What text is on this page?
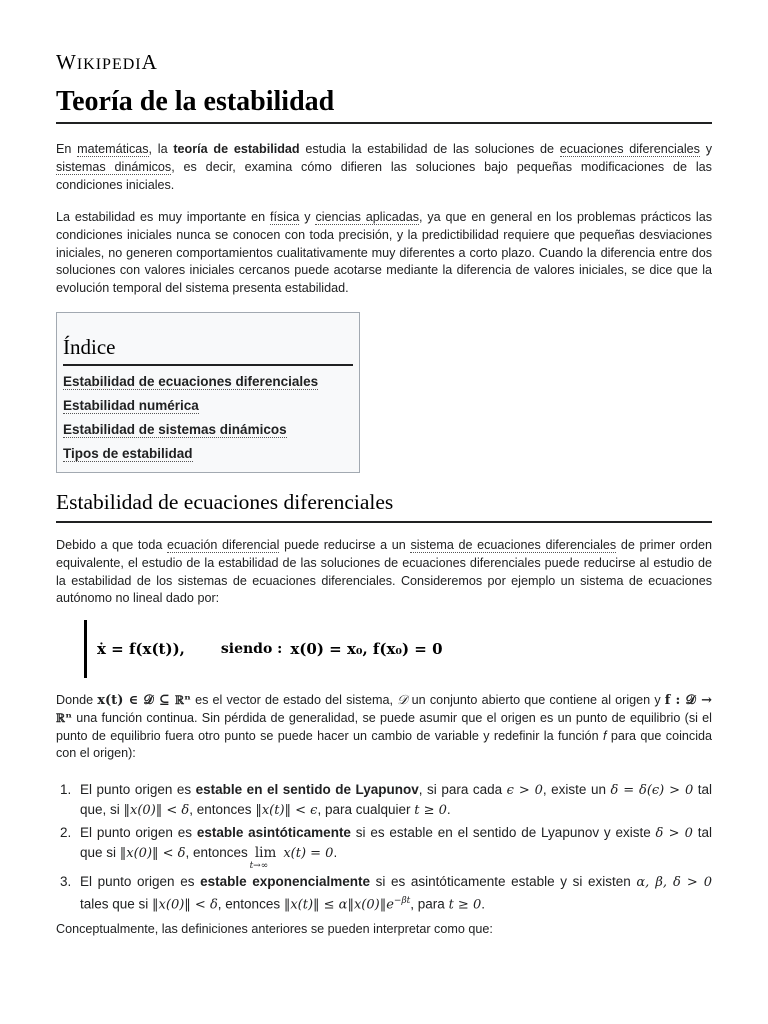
WIKIPEDIA
Teoría de la estabilidad

En matemáticas, la teoría de estabilidad estudia la estabilidad de las soluciones de ecuaciones diferenciales y sistemas dinámicos, es decir, examina cómo difieren las soluciones bajo pequeñas modificaciones de las condiciones iniciales.

La estabilidad es muy importante en física y ciencias aplicadas, ya que en general en los problemas prácticos las condiciones iniciales nunca se conocen con toda precisión, y la predictibilidad requiere que pequeñas desviaciones iniciales, no generen comportamientos cualitativamente muy diferentes a corto plazo. Cuando la diferencia entre dos soluciones con valores iniciales cercanos puede acotarse mediante la diferencia de valores iniciales, se dice que la evolución temporal del sistema presenta estabilidad.

Índice
Estabilidad de ecuaciones diferenciales
Estabilidad numérica
Estabilidad de sistemas dinámicos
Tipos de estabilidad
Estabilidad de ecuaciones diferenciales

Debido a que toda ecuación diferencial puede reducirse a un sistema de ecuaciones diferenciales de primer orden equivalente, el estudio de la estabilidad de las soluciones de ecuaciones diferenciales puede reducirse al estudio de la estabilidad de los sistemas de ecuaciones diferenciales. Consideremos por ejemplo un sistema de ecuaciones autónomo no lineal dado por:

ẋ = f(x(t)),	siendo : x(0) = x₀, f(x₀) = 0

Donde x(t) ∈ 𝒟 ⊆ ℝⁿ es el vector de estado del sistema, 𝒟 un conjunto abierto que contiene al origen y f : 𝒟 → ℝⁿ una función continua. Sin pérdida de generalidad, se puede asumir que el origen es un punto de equilibrio (si el punto de equilibrio fuera otro punto se puede hacer un cambio de variable y redefinir la función f para que coincida con el origen):

1. El punto origen es estable en el sentido de Lyapunov, si para cada ϵ > 0, existe un δ = δ(ϵ) > 0 tal que, si ‖x(0)‖ < δ, entonces ‖x(t)‖ < ϵ, para cualquier t ≥ 0.
2. El punto origen es estable asintóticamente si es estable en el sentido de Lyapunov y existe δ > 0 tal que si ‖x(0)‖ < δ, entonces lim
t→∞
x(t) = 0.
3. El punto origen es estable exponencialmente si es asintóticamente estable y si existen α, β, δ > 0 tales que si ‖x(0)‖ < δ, entonces ‖x(t)‖ ≤ $\alpha‖x(0)‖e^{-\beta t}$, para t ≥ 0.

Conceptualmente, las definiciones anteriores se pueden interpretar como que:
